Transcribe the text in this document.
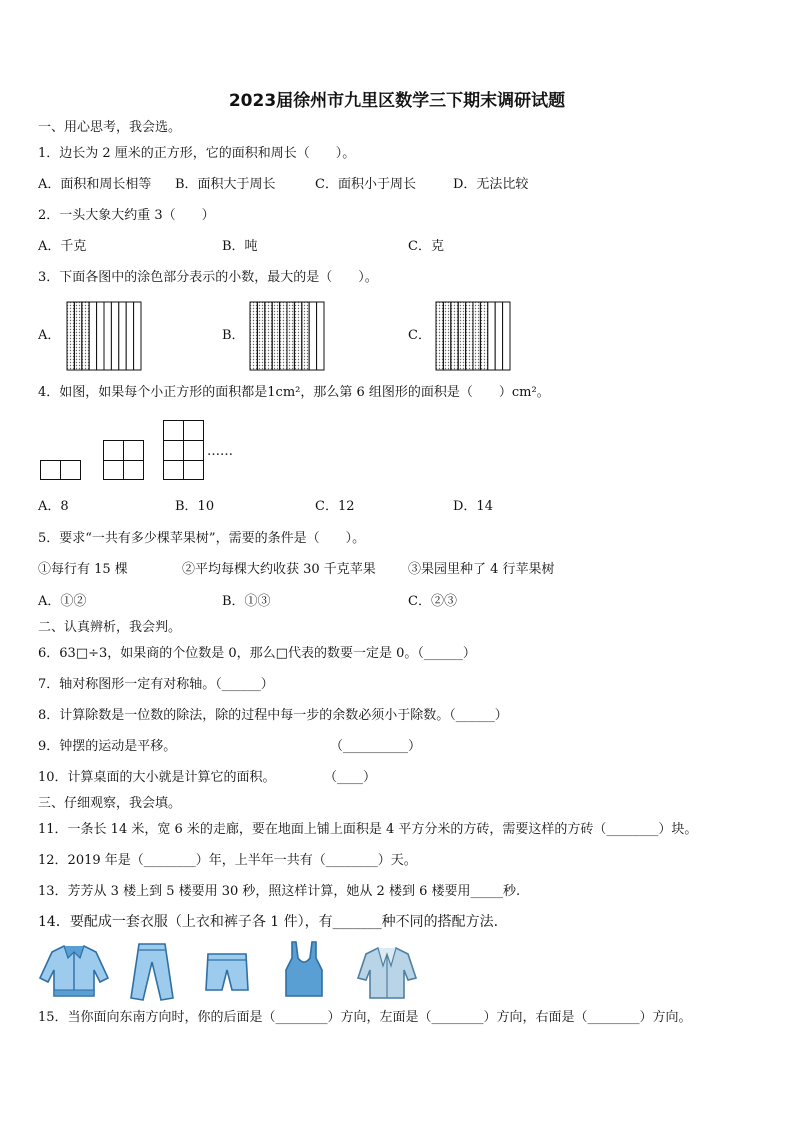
2023届徐州市九里区数学三下期末调研试题
一、用心思考，我会选。
1．边长为 2 厘米的正方形，它的面积和周长（　　）。
A．面积和周长相等 B．面积大于周长	C．面积小于周长	D．无法比较
2．一头大象大约重 3（　　）
A．千克	B．吨	C．克
3．下面各图中的涂色部分表示的小数，最大的是（　　）。
A．	B．	C．
4．如图，如果每个小正方形的面积都是1cm²，那么第 6 组图形的面积是（　　）cm²。
……
A．8	B．10	C．12	D．14
5．要求“一共有多少棵苹果树”，需要的条件是（　　）。
①每行有 15 棵	②平均每棵大约收获 30 千克苹果 ③果园里种了 4 行苹果树
A．①②	B．①③	C．②③
二、认真辨析，我会判。
6．63□÷3，如果商的个位数是 0，那么□代表的数要一定是 0。（______）
7．轴对称图形一定有对称轴。（______）
8．计算除数是一位数的除法，除的过程中每一步的余数必须小于除数。（______）
9．钟摆的运动是平移。	（__________）
10．计算桌面的大小就是计算它的面积。	（____）
三、仔细观察，我会填。
11．一条长 14 米，宽 6 米的走廊，要在地面上铺上面积是 4 平方分米的方砖，需要这样的方砖（________）块。
12．2019 年是（________）年，上半年一共有（________）天。
13．芳芳从 3 楼上到 5 楼要用 30 秒，照这样计算，她从 2 楼到 6 楼要用_____秒.
14．要配成一套衣服（上衣和裤子各 1 件），有_______种不同的搭配方法.
15．当你面向东南方向时，你的后面是（________）方向，左面是（________）方向，右面是（________）方向。
